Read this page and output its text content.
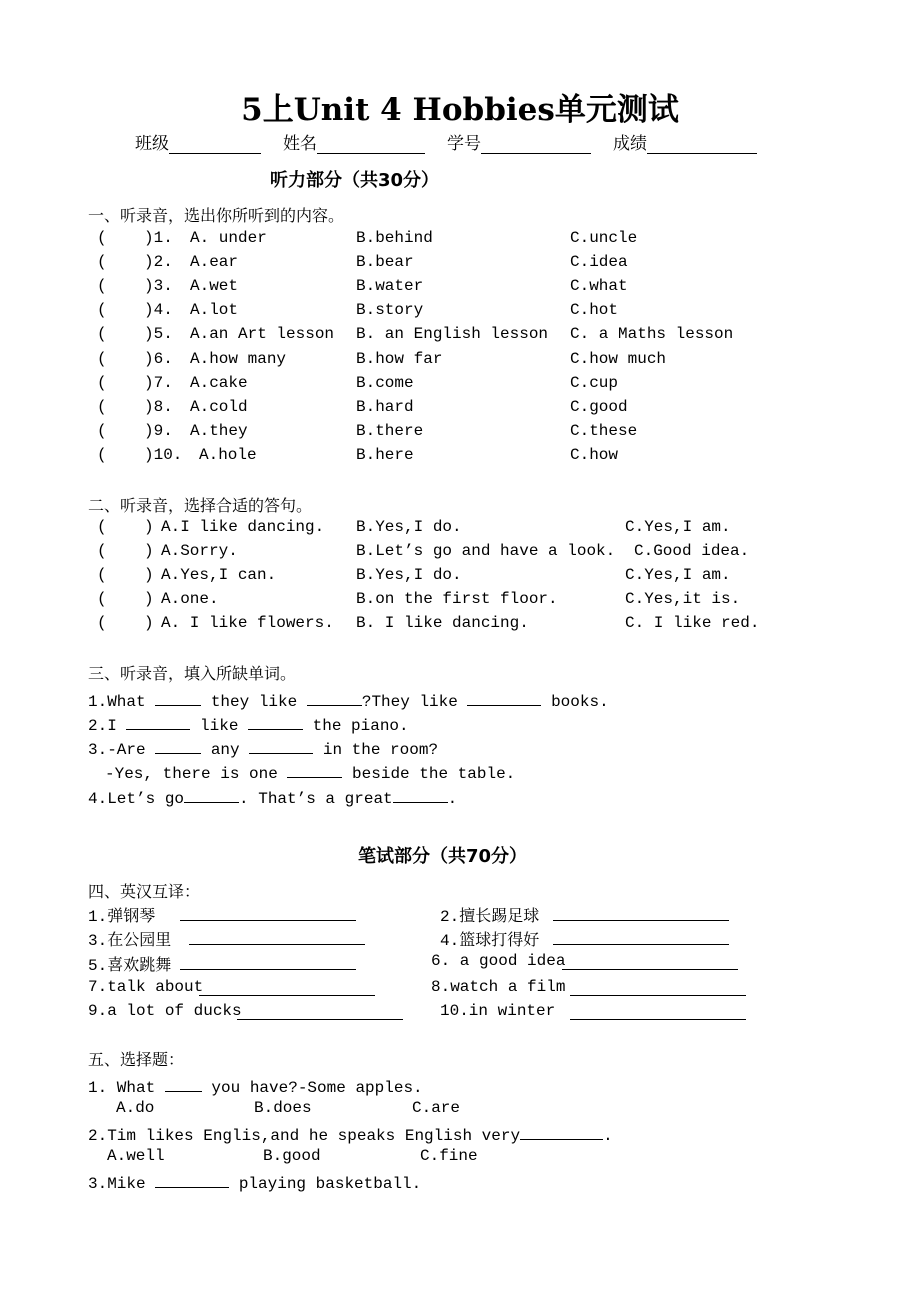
5上Unit 4 Hobbies单元测试
班级	姓名	学号	成绩
听力部分（共30分）
一、听录音，选出你所听到的内容。
( )1. A. under	B.behind	C.uncle
( )2. A.ear	B.bear	C.idea
( )3. A.wet	B.water	C.what
( )4. A.lot	B.story	C.hot
( )5. A.an Art lesson B. an English lesson C. a Maths lesson
( )6. A.how many	B.how far	C.how much
( )7. A.cake	B.come	C.cup
( )8. A.cold	B.hard	C.good
( )9. A.they	B.there	C.these
( )10. A.hole	B.here	C.how
二、听录音，选择合适的答句。
( ) A.I like dancing. B.Yes,I do.	C.Yes,I am.
( ) A.Sorry.	B.Let’s go and have a look. C.Good idea.
( ) A.Yes,I can.	B.Yes,I do.	C.Yes,I am.
( ) A.one.	B.on the first floor.	C.Yes,it is.
( ) A. I like flowers. B. I like dancing.	C. I like red.
三、听录音，填入所缺单词。
1.What	they like	?They like	books.
2.I	like	the piano.
3.-Are	any	in the room?
-Yes, there is one	beside the table.
4.Let’s go	. That’s a great	.
笔试部分（共70分）
四、英汉互译：
1.弹钢琴	2.擅长踢足球
3.在公园里	4.篮球打得好
5.喜欢跳舞	6. a good idea
7.talk about	8.watch a film
9.a lot of ducks	10.in winter
五、选择题：
1. What  you have?-Some apples.
A.do	B.does	C.are
2.Tim likes Englis,and he speaks English very	.
A.well	B.good	C.fine
3.Mike	playing basketball.
